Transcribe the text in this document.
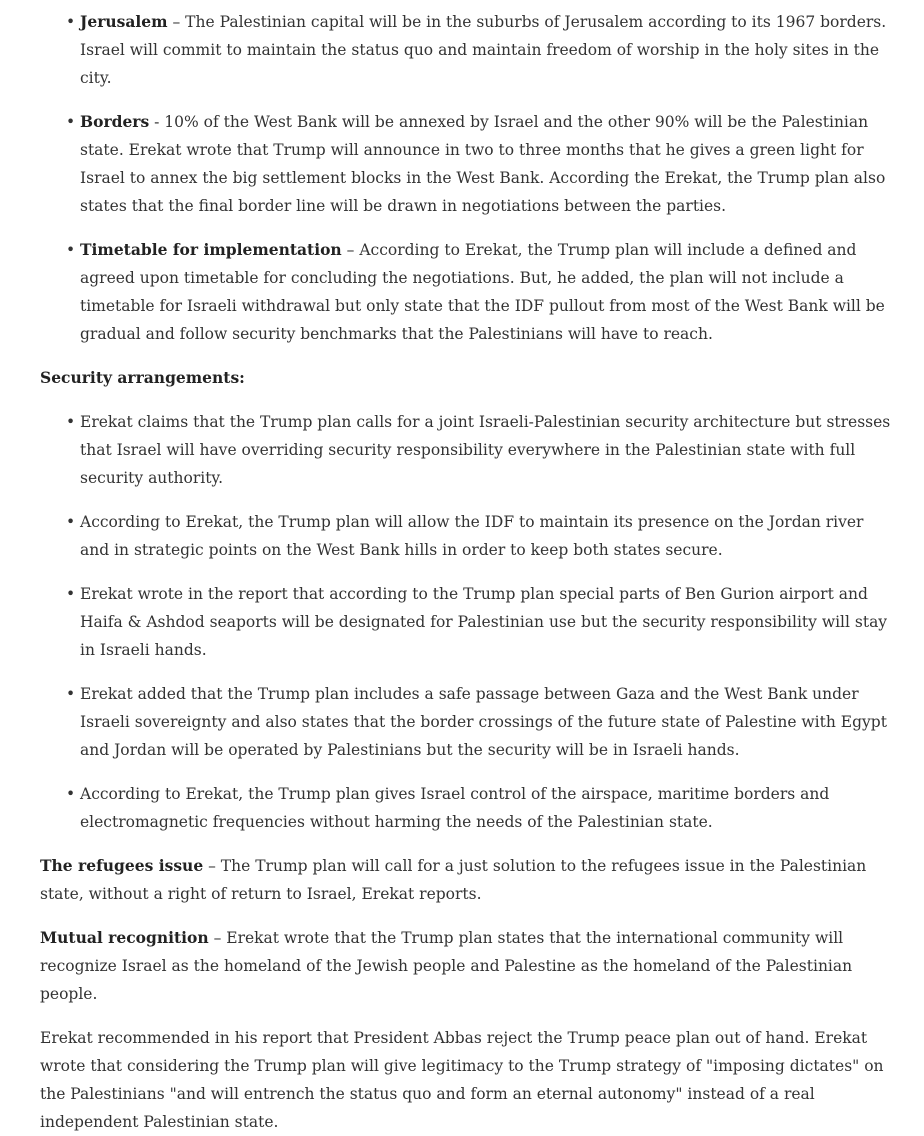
• Jerusalem – The Palestinian capital will be in the suburbs of Jerusalem according to its 1967 borders. Israel will commit to maintain the status quo and maintain freedom of worship in the holy sites in the city.
• Borders - 10% of the West Bank will be annexed by Israel and the other 90% will be the Palestinian state. Erekat wrote that Trump will announce in two to three months that he gives a green light for Israel to annex the big settlement blocks in the West Bank. According the Erekat, the Trump plan also states that the final border line will be drawn in negotiations between the parties.
• Timetable for implementation – According to Erekat, the Trump plan will include a defined and agreed upon timetable for concluding the negotiations. But, he added, the plan will not include a timetable for Israeli withdrawal but only state that the IDF pullout from most of the West Bank will be gradual and follow security benchmarks that the Palestinians will have to reach.

Security arrangements:

• Erekat claims that the Trump plan calls for a joint Israeli-Palestinian security architecture but stresses that Israel will have overriding security responsibility everywhere in the Palestinian state with full security authority.
• According to Erekat, the Trump plan will allow the IDF to maintain its presence on the Jordan river and in strategic points on the West Bank hills in order to keep both states secure.
• Erekat wrote in the report that according to the Trump plan special parts of Ben Gurion airport and Haifa & Ashdod seaports will be designated for Palestinian use but the security responsibility will stay in Israeli hands.
• Erekat added that the Trump plan includes a safe passage between Gaza and the West Bank under Israeli sovereignty and also states that the border crossings of the future state of Palestine with Egypt and Jordan will be operated by Palestinians but the security will be in Israeli hands.
• According to Erekat, the Trump plan gives Israel control of the airspace, maritime borders and electromagnetic frequencies without harming the needs of the Palestinian state.

The refugees issue – The Trump plan will call for a just solution to the refugees issue in the Palestinian state, without a right of return to Israel, Erekat reports.

Mutual recognition – Erekat wrote that the Trump plan states that the international community will recognize Israel as the homeland of the Jewish people and Palestine as the homeland of the Palestinian people.

Erekat recommended in his report that President Abbas reject the Trump peace plan out of hand. Erekat wrote that considering the Trump plan will give legitimacy to the Trump strategy of "imposing dictates" on the Palestinians "and will entrench the status quo and form an eternal autonomy" instead of a real independent Palestinian state.
